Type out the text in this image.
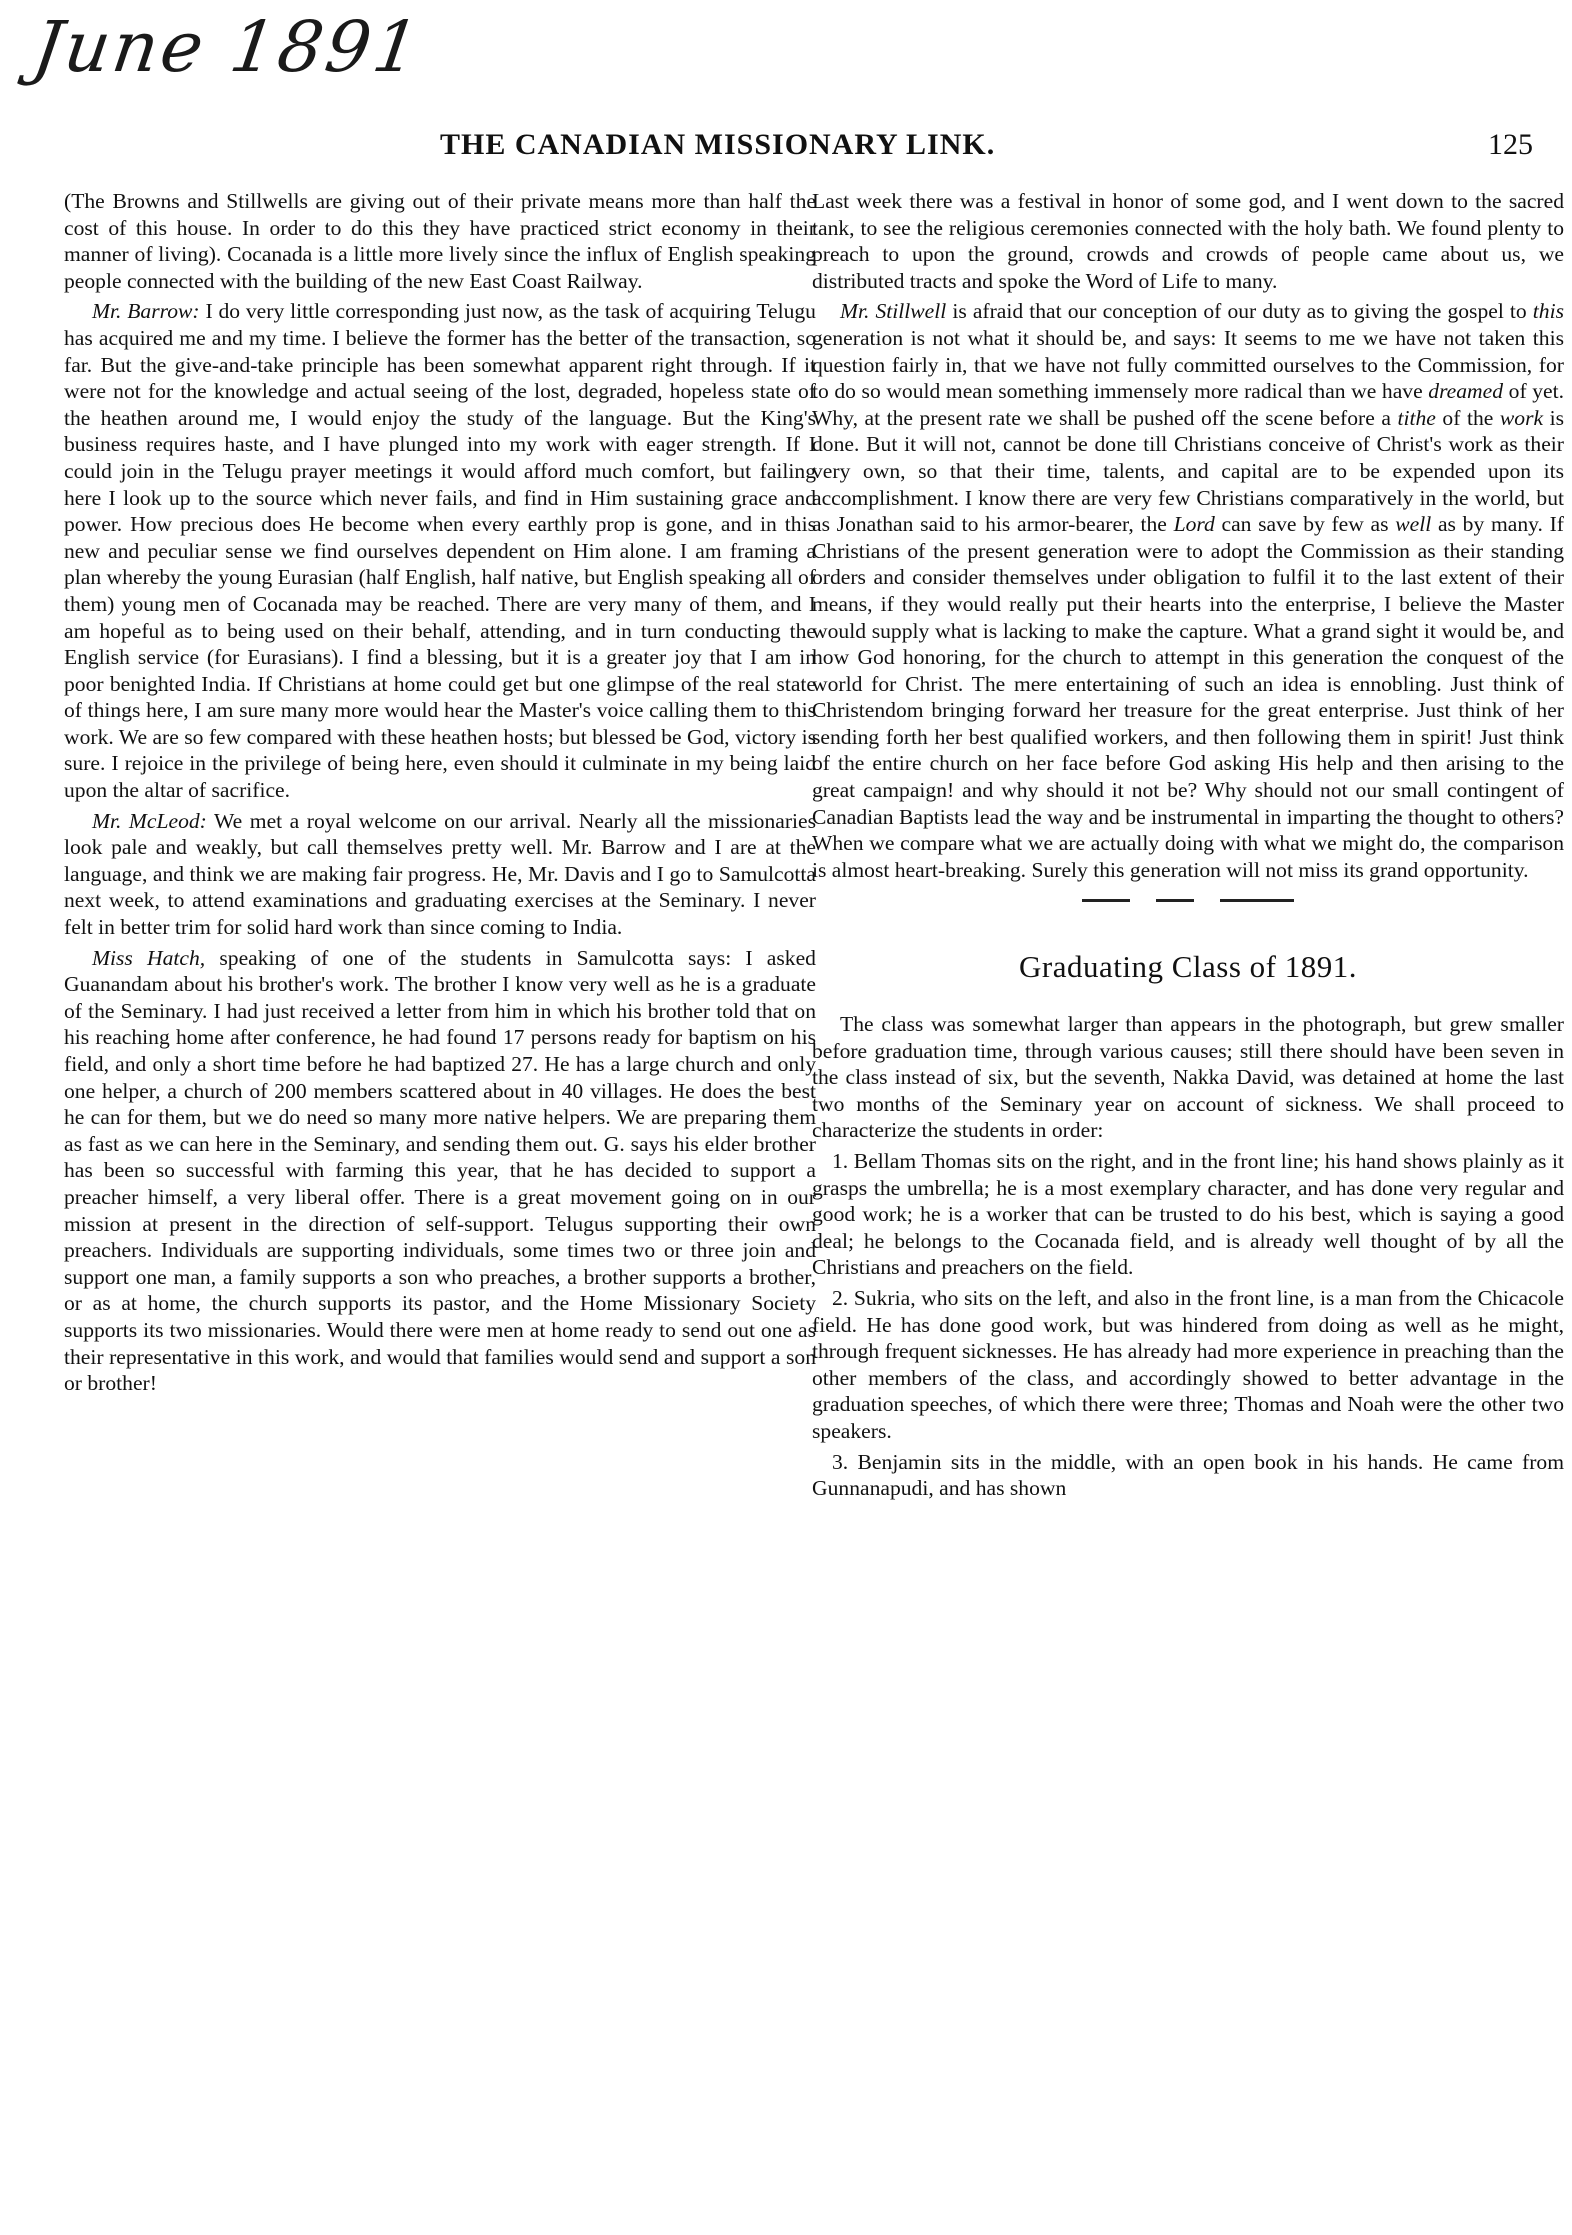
June 1891
THE CANADIAN MISSIONARY LINK.	125

(The Browns and Stillwells are giving out of their private means more than half the cost of this house. In order to do this they have practiced strict economy in their manner of living). Cocanada is a little more lively since the influx of English speaking people connected with the building of the new East Coast Railway.

Mr. Barrow: I do very little corresponding just now, as the task of acquiring Telugu has acquired me and my time. I believe the former has the better of the transaction, so far. But the give-and-take principle has been somewhat apparent right through. If it were not for the knowledge and actual seeing of the lost, degraded, hopeless state of the heathen around me, I would enjoy the study of the language. But the King's business requires haste, and I have plunged into my work with eager strength. If I could join in the Telugu prayer meetings it would afford much comfort, but failing here I look up to the source which never fails, and find in Him sustaining grace and power. How precious does He become when every earthly prop is gone, and in this new and peculiar sense we find ourselves dependent on Him alone. I am framing a plan whereby the young Eurasian (half English, half native, but English speaking all of them) young men of Cocanada may be reached. There are very many of them, and I am hopeful as to being used on their behalf, attending, and in turn conducting the English service (for Eurasians). I find a blessing, but it is a greater joy that I am in poor benighted India. If Christians at home could get but one glimpse of the real state of things here, I am sure many more would hear the Master's voice calling them to this work. We are so few compared with these heathen hosts; but blessed be God, victory is sure. I rejoice in the privilege of being here, even should it culminate in my being laid upon the altar of sacrifice.

Mr. McLeod: We met a royal welcome on our arrival. Nearly all the missionaries look pale and weakly, but call themselves pretty well. Mr. Barrow and I are at the language, and think we are making fair progress. He, Mr. Davis and I go to Samulcotta next week, to attend examinations and graduating exercises at the Seminary. I never felt in better trim for solid hard work than since coming to India.

Miss Hatch, speaking of one of the students in Samulcotta says: I asked Guanandam about his brother's work. The brother I know very well as he is a graduate of the Seminary. I had just received a letter from him in which his brother told that on his reaching home after conference, he had found 17 persons ready for baptism on his field, and only a short time before he had baptized 27. He has a large church and only one helper, a church of 200 members scattered about in 40 villages. He does the best he can for them, but we do need so many more native helpers. We are preparing them as fast as we can here in the Seminary, and sending them out. G. says his elder brother has been so successful with farming this year, that he has decided to support a preacher himself, a very liberal offer. There is a great movement going on in our mission at present in the direction of self-support. Telugus supporting their own preachers. Individuals are supporting individuals, some times two or three join and support one man, a family supports a son who preaches, a brother supports a brother, or as at home, the church supports its pastor, and the Home Missionary Society supports its two missionaries. Would there were men at home ready to send out one as their representative in this work, and would that families would send and support a son or brother!

Last week there was a festival in honor of some god, and I went down to the sacred tank, to see the religious ceremonies connected with the holy bath. We found plenty to preach to upon the ground, crowds and crowds of people came about us, we distributed tracts and spoke the Word of Life to many.

Mr. Stillwell is afraid that our conception of our duty as to giving the gospel to this generation is not what it should be, and says: It seems to me we have not taken this question fairly in, that we have not fully committed ourselves to the Commission, for to do so would mean something immensely more radical than we have dreamed of yet. Why, at the present rate we shall be pushed off the scene before a tithe of the work is done. But it will not, cannot be done till Christians conceive of Christ's work as their very own, so that their time, talents, and capital are to be expended upon its accomplishment. I know there are very few Christians comparatively in the world, but as Jonathan said to his armor-bearer, the Lord can save by few as well as by many. If Christians of the present generation were to adopt the Commission as their standing orders and consider themselves under obligation to fulfil it to the last extent of their means, if they would really put their hearts into the enterprise, I believe the Master would supply what is lacking to make the capture. What a grand sight it would be, and how God honoring, for the church to attempt in this generation the conquest of the world for Christ. The mere entertaining of such an idea is ennobling. Just think of Christendom bringing forward her treasure for the great enterprise. Just think of her sending forth her best qualified workers, and then following them in spirit! Just think of the entire church on her face before God asking His help and then arising to the great campaign! and why should it not be? Why should not our small contingent of Canadian Baptists lead the way and be instrumental in imparting the thought to others? When we compare what we are actually doing with what we might do, the comparison is almost heart-breaking. Surely this generation will not miss its grand opportunity.

Graduating Class of 1891.

The class was somewhat larger than appears in the photograph, but grew smaller before graduation time, through various causes; still there should have been seven in the class instead of six, but the seventh, Nakka David, was detained at home the last two months of the Seminary year on account of sickness. We shall proceed to characterize the students in order:

1. Bellam Thomas sits on the right, and in the front line; his hand shows plainly as it grasps the umbrella; he is a most exemplary character, and has done very regular and good work; he is a worker that can be trusted to do his best, which is saying a good deal; he belongs to the Cocanada field, and is already well thought of by all the Christians and preachers on the field.

2. Sukria, who sits on the left, and also in the front line, is a man from the Chicacole field. He has done good work, but was hindered from doing as well as he might, through frequent sicknesses. He has already had more experience in preaching than the other members of the class, and accordingly showed to better advantage in the graduation speeches, of which there were three; Thomas and Noah were the other two speakers.

3. Benjamin sits in the middle, with an open book in his hands. He came from Gunnanapudi, and has shown
